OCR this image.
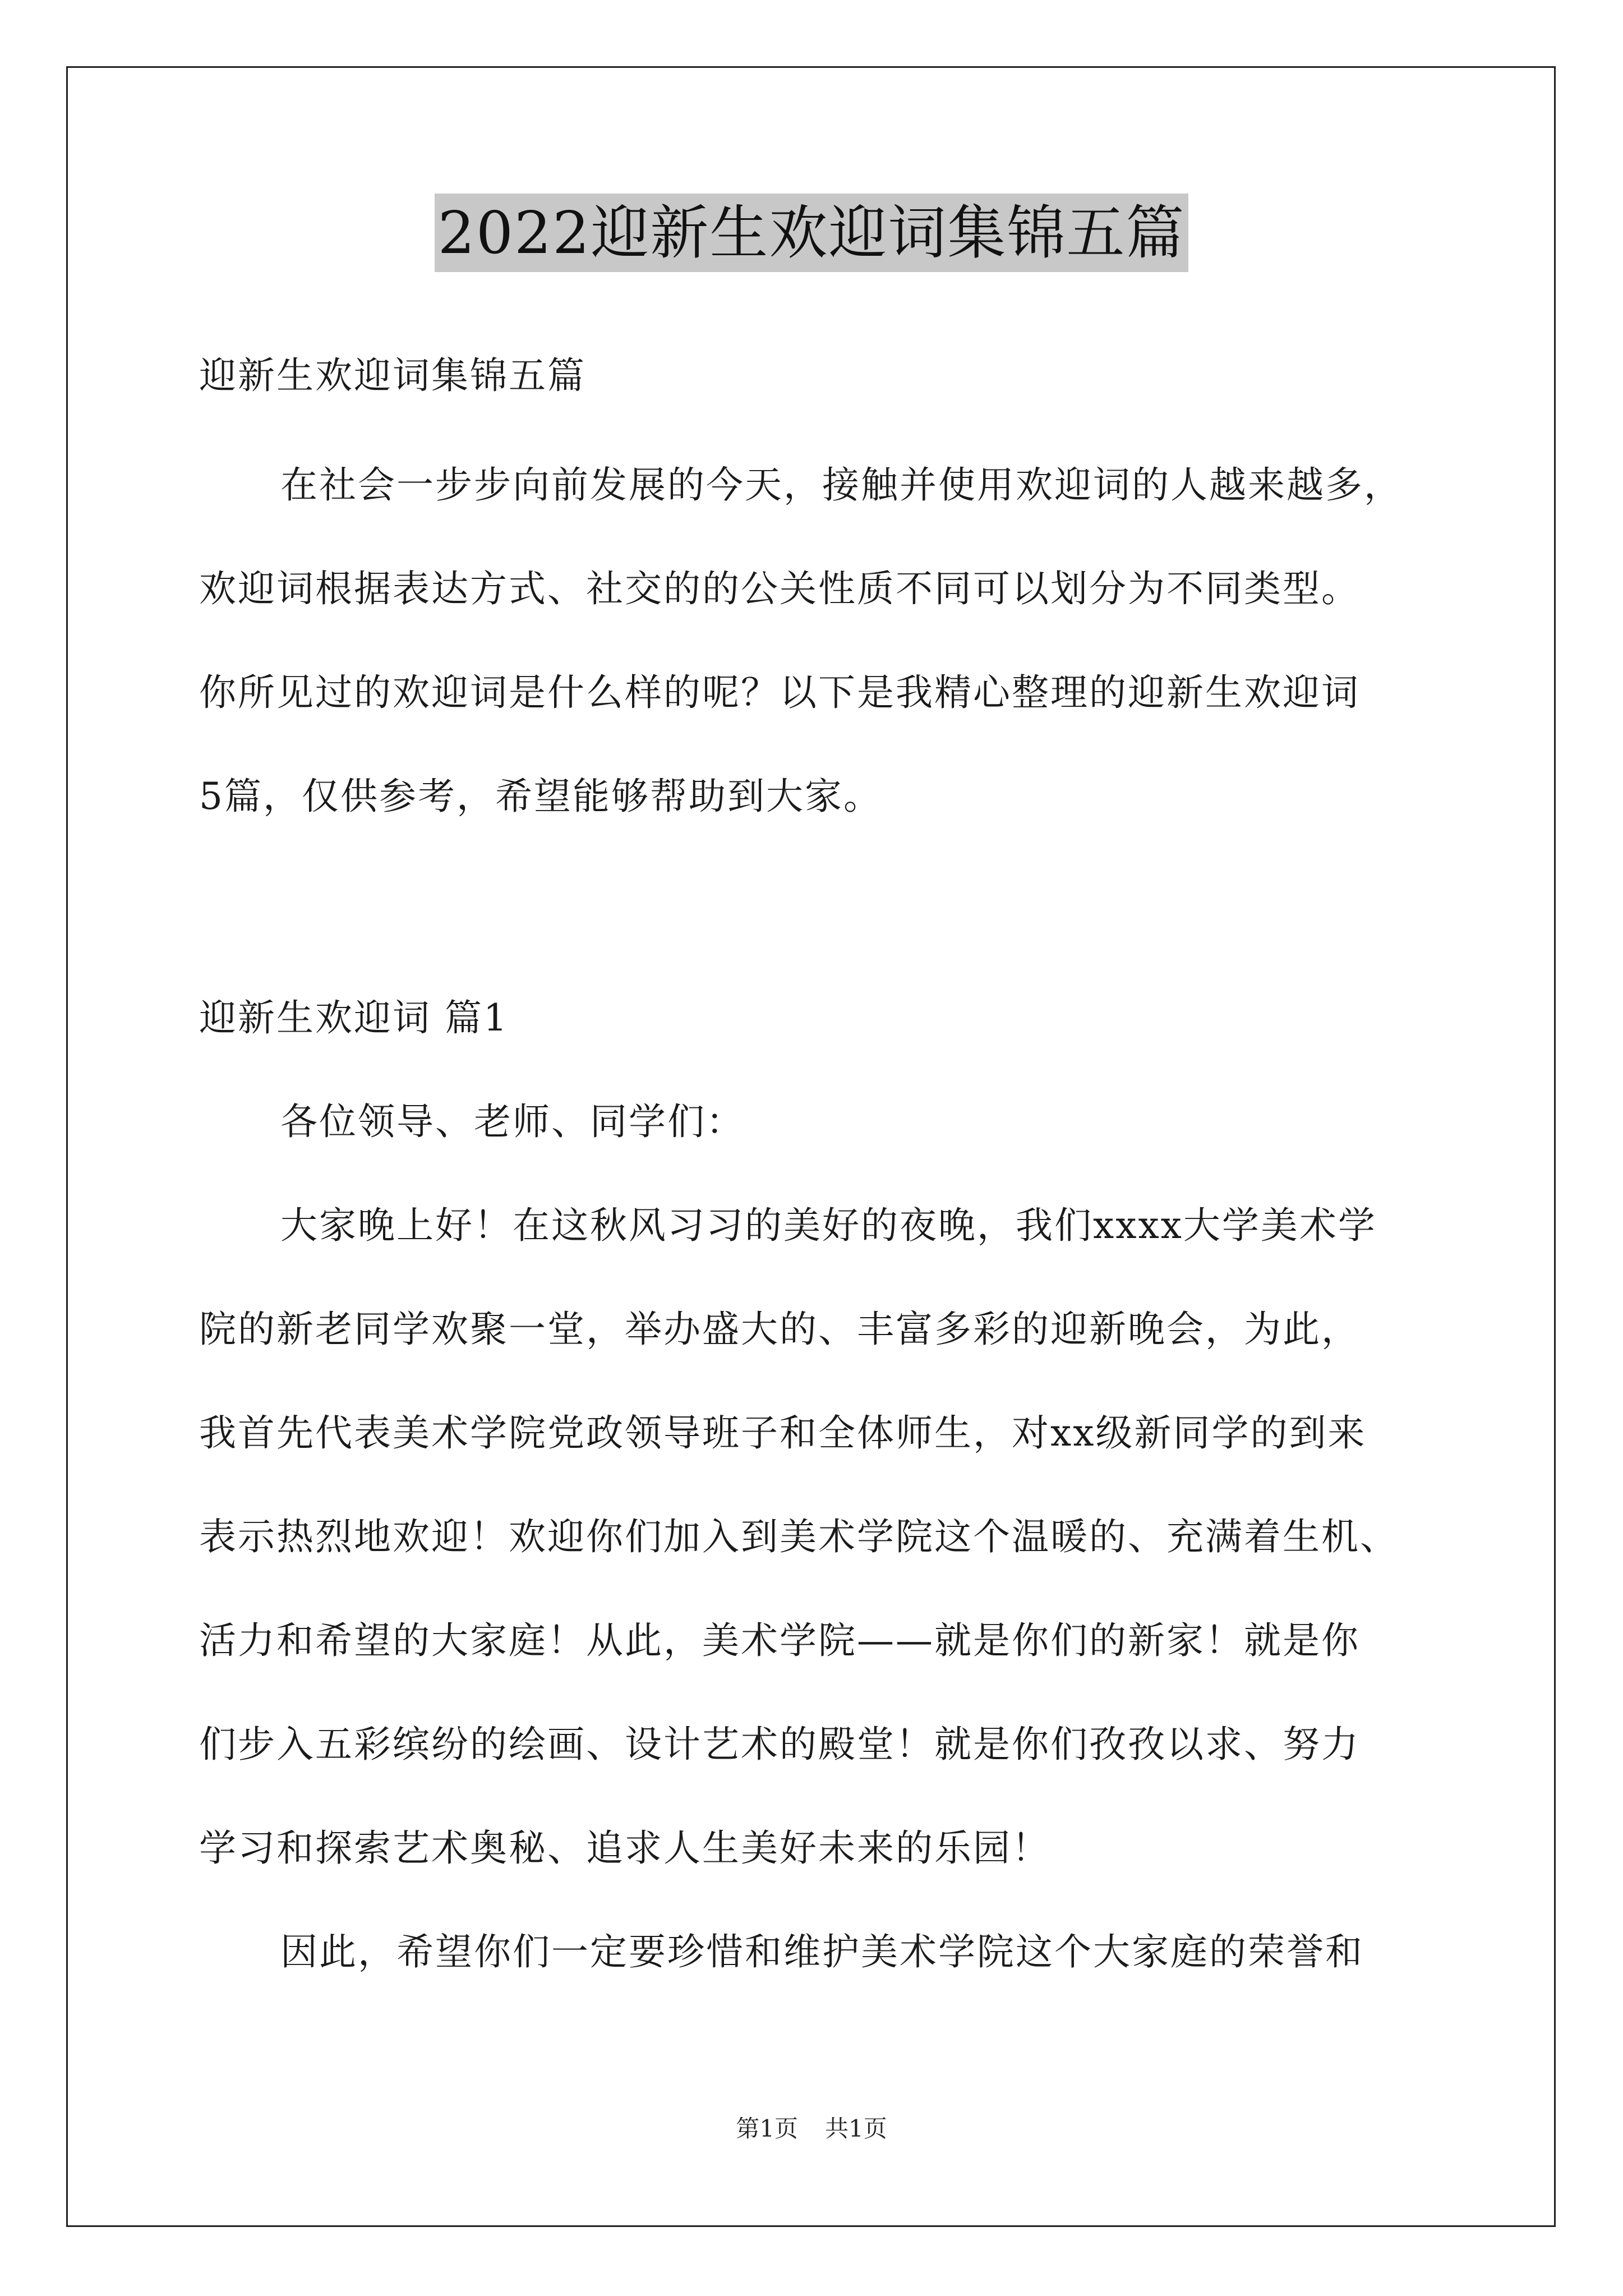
2022迎新生欢迎词集锦五篇
迎新生欢迎词集锦五篇
在社会一步步向前发展的今天，接触并使用欢迎词的人越来越多，
欢迎词根据表达方式、社交的的公关性质不同可以划分为不同类型。
你所见过的欢迎词是什么样的呢？以下是我精心整理的迎新生欢迎词
5篇，仅供参考，希望能够帮助到大家。
迎新生欢迎词 篇1
各位领导、老师、同学们：
大家晚上好！在这秋风习习的美好的夜晚，我们xxxx大学美术学
院的新老同学欢聚一堂，举办盛大的、丰富多彩的迎新晚会，为此，
我首先代表美术学院党政领导班子和全体师生，对xx级新同学的到来
表示热烈地欢迎！欢迎你们加入到美术学院这个温暖的、充满着生机、
活力和希望的大家庭！从此，美术学院——就是你们的新家！就是你
们步入五彩缤纷的绘画、设计艺术的殿堂！就是你们孜孜以求、努力
学习和探索艺术奥秘、追求人生美好未来的乐园！
因此，希望你们一定要珍惜和维护美术学院这个大家庭的荣誉和
第1页 共1页
